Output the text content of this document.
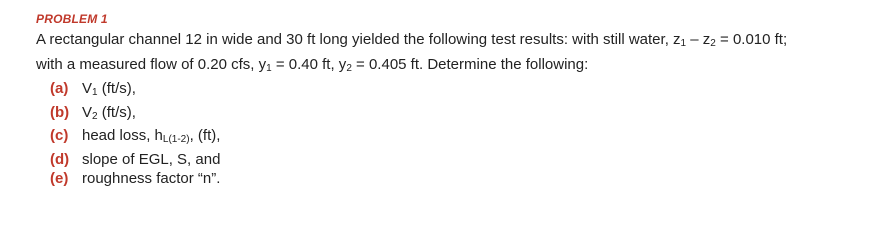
PROBLEM 1
A rectangular channel 12 in wide and 30 ft long yielded the following test results: with still water, $z_1 - z_2 = 0.010$ ft;
with a measured flow of 0.20 cfs, $y_1 = 0.40$ ft, $y_2 = 0.405$ ft. Determine the following:
(a) $V_1$ (ft/s),
(b) $V_2$ (ft/s),
(c) head loss, $h_{L(1-2)}$, (ft),
(d) slope of EGL, S, and
(e) roughness factor “n”.
